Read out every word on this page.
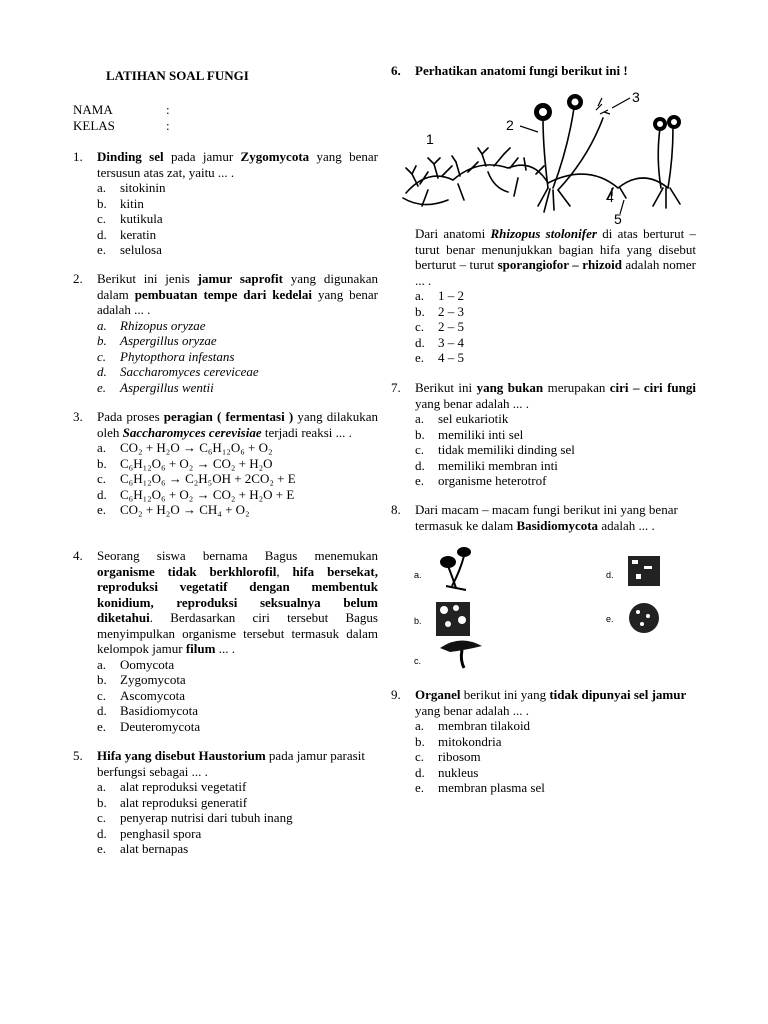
LATIHAN SOAL FUNGI
NAMA	:
KELAS	:
1. Dinding sel pada jamur Zygomycota yang benar tersusun atas zat, yaitu ... .
a. sitokinin
b. kitin
c. kutikula
d. keratin
e. selulosa
2. Berikut ini jenis jamur saprofit yang digunakan dalam pembuatan tempe dari kedelai yang benar adalah ... .
a. Rhizopus oryzae
b. Aspergillus oryzae
c. Phytopthora infestans
d. Saccharomyces cereviceae
e. Aspergillus wentii
3. Pada proses peragian ( fermentasi ) yang dilakukan oleh Saccharomyces cerevisiae terjadi reaksi ... .
a. CO₂ + H₂O → C₆H₁₂O₆ + O₂
b. C₆H₁₂O₆ + O₂ → CO₂ + H₂O
c. C₆H₁₂O₆ → C₂H₅OH + 2CO₂ + E
d. C₆H₁₂O₆ + O₂ → CO₂ + H₂O + E
e. CO₂ + H₂O → CH₄ + O₂
4. Seorang siswa bernama Bagus menemukan organisme tidak berkhlorofil, hifa bersekat, reproduksi vegetatif dengan membentuk konidium, reproduksi seksualnya belum diketahui. Berdasarkan ciri tersebut Bagus menyimpulkan organisme tersebut termasuk dalam kelompok jamur filum ... .
a. Oomycota
b. Zygomycota
c. Ascomycota
d. Basidiomycota
e. Deuteromycota
5. Hifa yang disebut Haustorium pada jamur parasit berfungsi sebagai ... .
a. alat reproduksi vegetatif
b. alat reproduksi generatif
c. penyerap nutrisi dari tubuh inang
d. penghasil spora
e. alat bernapas
6. Perhatikan anatomi fungi berikut ini !
1
2
3
4
5
Dari anatomi Rhizopus stolonifer di atas berturut – turut benar menunjukkan bagian hifa yang disebut berturut – turut sporangiofor – rhizoid adalah nomer ... .
a. 1 – 2
b. 2 – 3
c. 2 – 5
d. 3 – 4
e. 4 – 5
7. Berikut ini yang bukan merupakan ciri – ciri fungi yang benar adalah ... .
a. sel eukariotik
b. memiliki inti sel
c. tidak memiliki dinding sel
d. memiliki membran inti
e. organisme heterotrof
8. Dari macam – macam fungi berikut ini yang benar termasuk ke dalam Basidiomycota adalah ... .
a.
b.
c.
d.
e.
9. Organel berikut ini yang tidak dipunyai sel jamur yang benar adalah ... .
a. membran tilakoid
b. mitokondria
c. ribosom
d. nukleus
e. membran plasma sel
